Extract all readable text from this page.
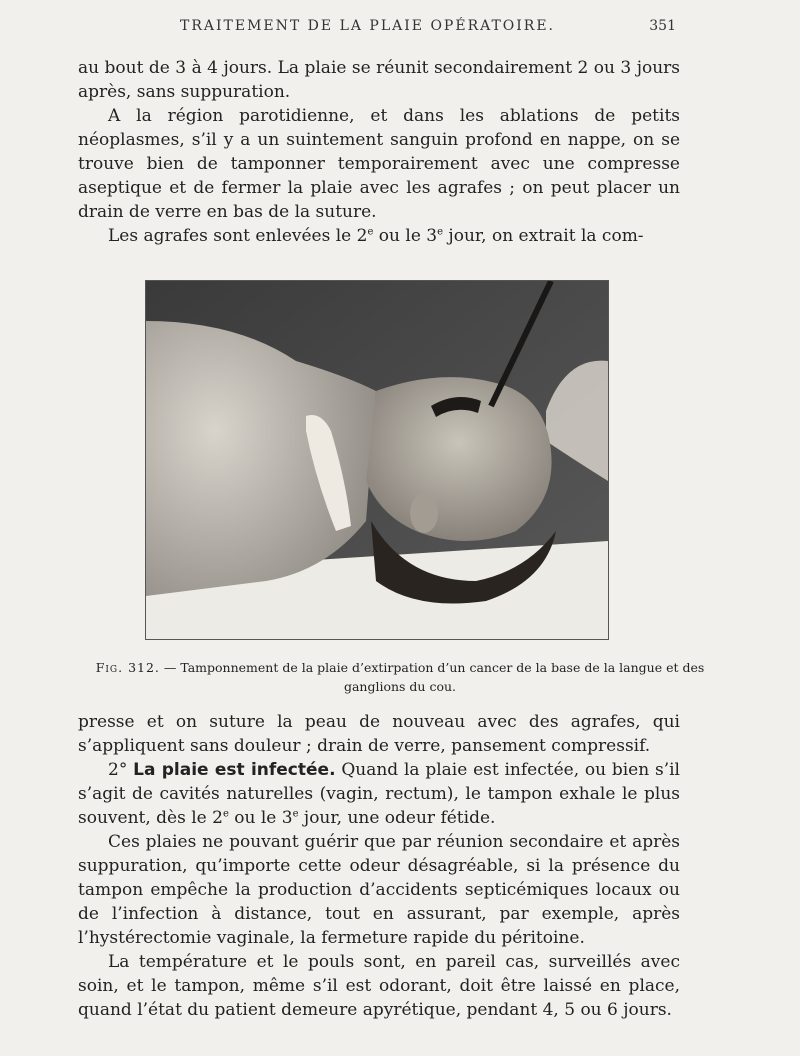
TRAITEMENT DE LA PLAIE OPÉRATOIRE.	351

au bout de 3 à 4 jours. La plaie se réunit secondairement 2 ou 3 jours après, sans suppuration.

A la région parotidienne, et dans les ablations de petits néoplasmes, s’il y a un suintement sanguin profond en nappe, on se trouve bien de tamponner temporairement avec une compresse aseptique et de fermer la plaie avec les agrafes ; on peut placer un drain de verre en bas de la suture.

Les agrafes sont enlevées le 2e ou le 3e jour, on extrait la com-

Fig. 312. — Tamponnement de la plaie d’extirpation d’un cancer de la base de la langue et des ganglions du cou.

presse et on suture la peau de nouveau avec des agrafes, qui s’appliquent sans douleur ; drain de verre, pansement compressif.

2° La plaie est infectée. Quand la plaie est infectée, ou bien s’il s’agit de cavités naturelles (vagin, rectum), le tampon exhale le plus souvent, dès le 2e ou le 3e jour, une odeur fétide.

Ces plaies ne pouvant guérir que par réunion secondaire et après suppuration, qu’importe cette odeur désagréable, si la présence du tampon empêche la production d’accidents septicémiques locaux ou de l’infection à distance, tout en assurant, par exemple, après l’hystérectomie vaginale, la fermeture rapide du péritoine.

La température et le pouls sont, en pareil cas, surveillés avec soin, et le tampon, même s’il est odorant, doit être laissé en place, quand l’état du patient demeure apyrétique, pendant 4, 5 ou 6 jours.
